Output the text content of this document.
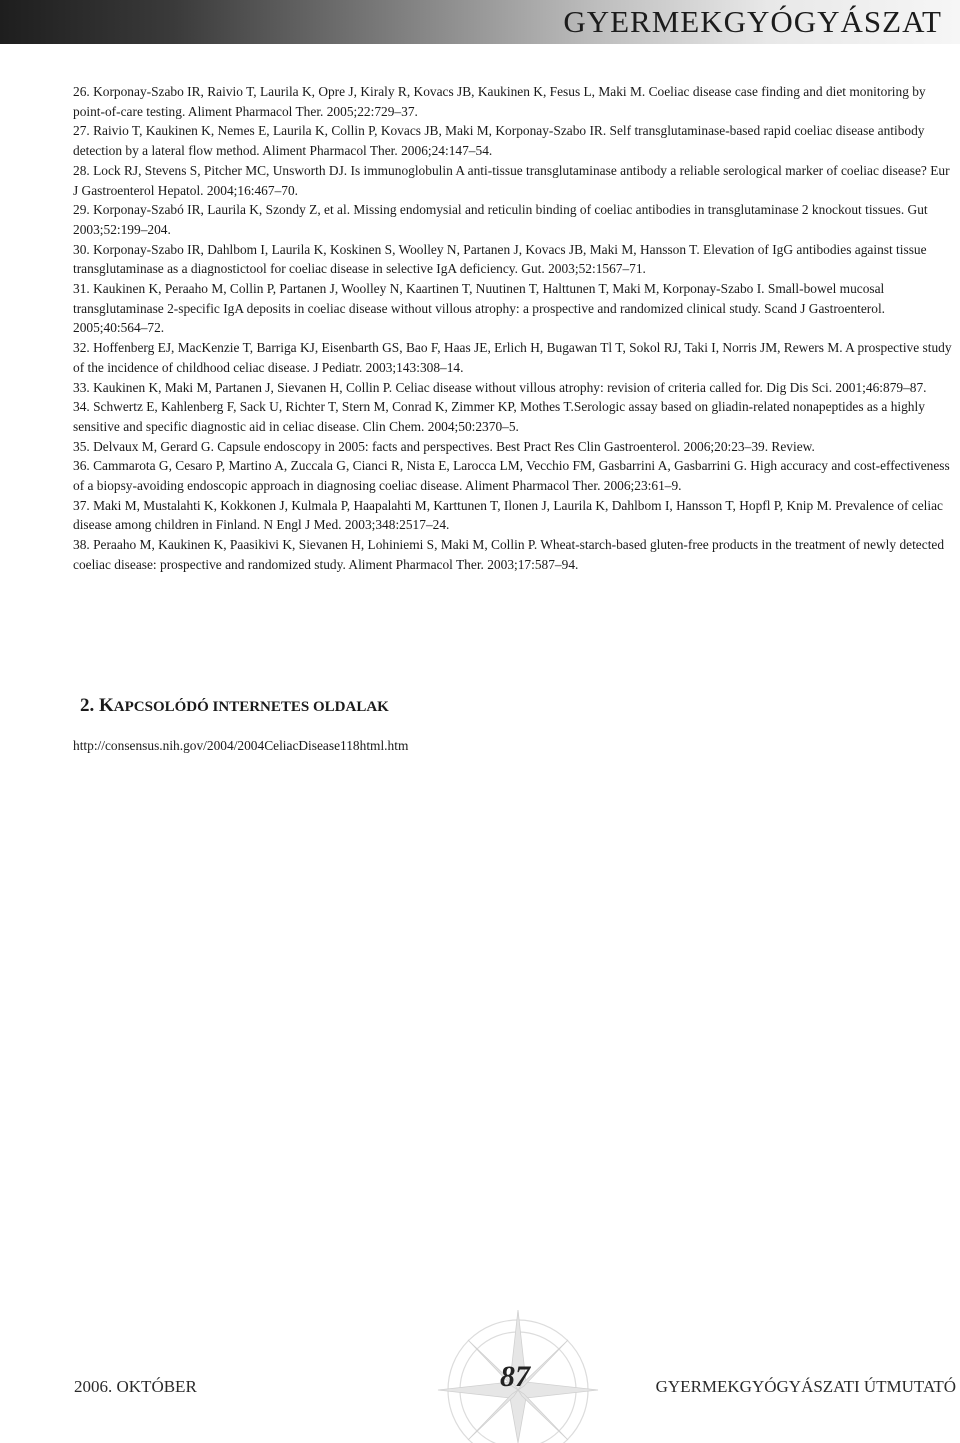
GYERMEKGYÓGYÁSZAT
26. Korponay-Szabo IR, Raivio T, Laurila K, Opre J, Kiraly R, Kovacs JB, Kaukinen K, Fesus L, Maki M. Coeliac disease case finding and diet monitoring by point-of-care testing. Aliment Pharmacol Ther. 2005;22:729–37.
27. Raivio T, Kaukinen K, Nemes E, Laurila K, Collin P, Kovacs JB, Maki M, Korponay-Szabo IR. Self transglutaminase-based rapid coeliac disease antibody detection by a lateral flow method. Aliment Pharmacol Ther. 2006;24:147–54.
28. Lock RJ, Stevens S, Pitcher MC, Unsworth DJ. Is immunoglobulin A anti-tissue transglutaminase antibody a reliable serological marker of coeliac disease? Eur J Gastroenterol Hepatol. 2004;16:467–70.
29. Korponay-Szabó IR, Laurila K, Szondy Z, et al. Missing endomysial and reticulin binding of coeliac antibodies in transglutaminase 2 knockout tissues. Gut 2003;52:199–204.
30. Korponay-Szabo IR, Dahlbom I, Laurila K, Koskinen S, Woolley N, Partanen J, Kovacs JB, Maki M, Hansson T. Elevation of IgG antibodies against tissue transglutaminase as a diagnostictool for coeliac disease in selective IgA deficiency. Gut. 2003;52:1567–71.
31. Kaukinen K, Peraaho M, Collin P, Partanen J, Woolley N, Kaartinen T, Nuutinen T, Halttunen T, Maki M, Korponay-Szabo I. Small-bowel mucosal transglutaminase 2-specific IgA deposits in coeliac disease without villous atrophy: a prospective and randomized clinical study. Scand J Gastroenterol. 2005;40:564–72.
32. Hoffenberg EJ, MacKenzie T, Barriga KJ, Eisenbarth GS, Bao F, Haas JE, Erlich H, Bugawan Tl T, Sokol RJ, Taki I, Norris JM, Rewers M. A prospective study of the incidence of childhood celiac disease. J Pediatr. 2003;143:308–14.
33. Kaukinen K, Maki M, Partanen J, Sievanen H, Collin P. Celiac disease without villous atrophy: revision of criteria called for. Dig Dis Sci. 2001;46:879–87.
34. Schwertz E, Kahlenberg F, Sack U, Richter T, Stern M, Conrad K, Zimmer KP, Mothes T.Serologic assay based on gliadin-related nonapeptides as a highly sensitive and specific diagnostic aid in celiac disease. Clin Chem. 2004;50:2370–5.
35. Delvaux M, Gerard G. Capsule endoscopy in 2005: facts and perspectives. Best Pract Res Clin Gastroenterol. 2006;20:23–39. Review.
36. Cammarota G, Cesaro P, Martino A, Zuccala G, Cianci R, Nista E, Larocca LM, Vecchio FM, Gasbarrini A, Gasbarrini G. High accuracy and cost-effectiveness of a biopsy-avoiding endoscopic approach in diagnosing coeliac disease. Aliment Pharmacol Ther. 2006;23:61–9.
37. Maki M, Mustalahti K, Kokkonen J, Kulmala P, Haapalahti M, Karttunen T, Ilonen J, Laurila K, Dahlbom I, Hansson T, Hopfl P, Knip M. Prevalence of celiac disease among children in Finland. N Engl J Med. 2003;348:2517–24.
38. Peraaho M, Kaukinen K, Paasikivi K, Sievanen H, Lohiniemi S, Maki M, Collin P. Wheat-starch-based gluten-free products in the treatment of newly detected coeliac disease: prospective and randomized study. Aliment Pharmacol Ther. 2003;17:587–94.
2. KAPCSOLÓDÓ INTERNETES OLDALAK
http://consensus.nih.gov/2004/2004CeliacDisease118html.htm
2006. OKTÓBER	87	GYERMEKGYÓGYÁSZATI ÚTMUTATÓ
